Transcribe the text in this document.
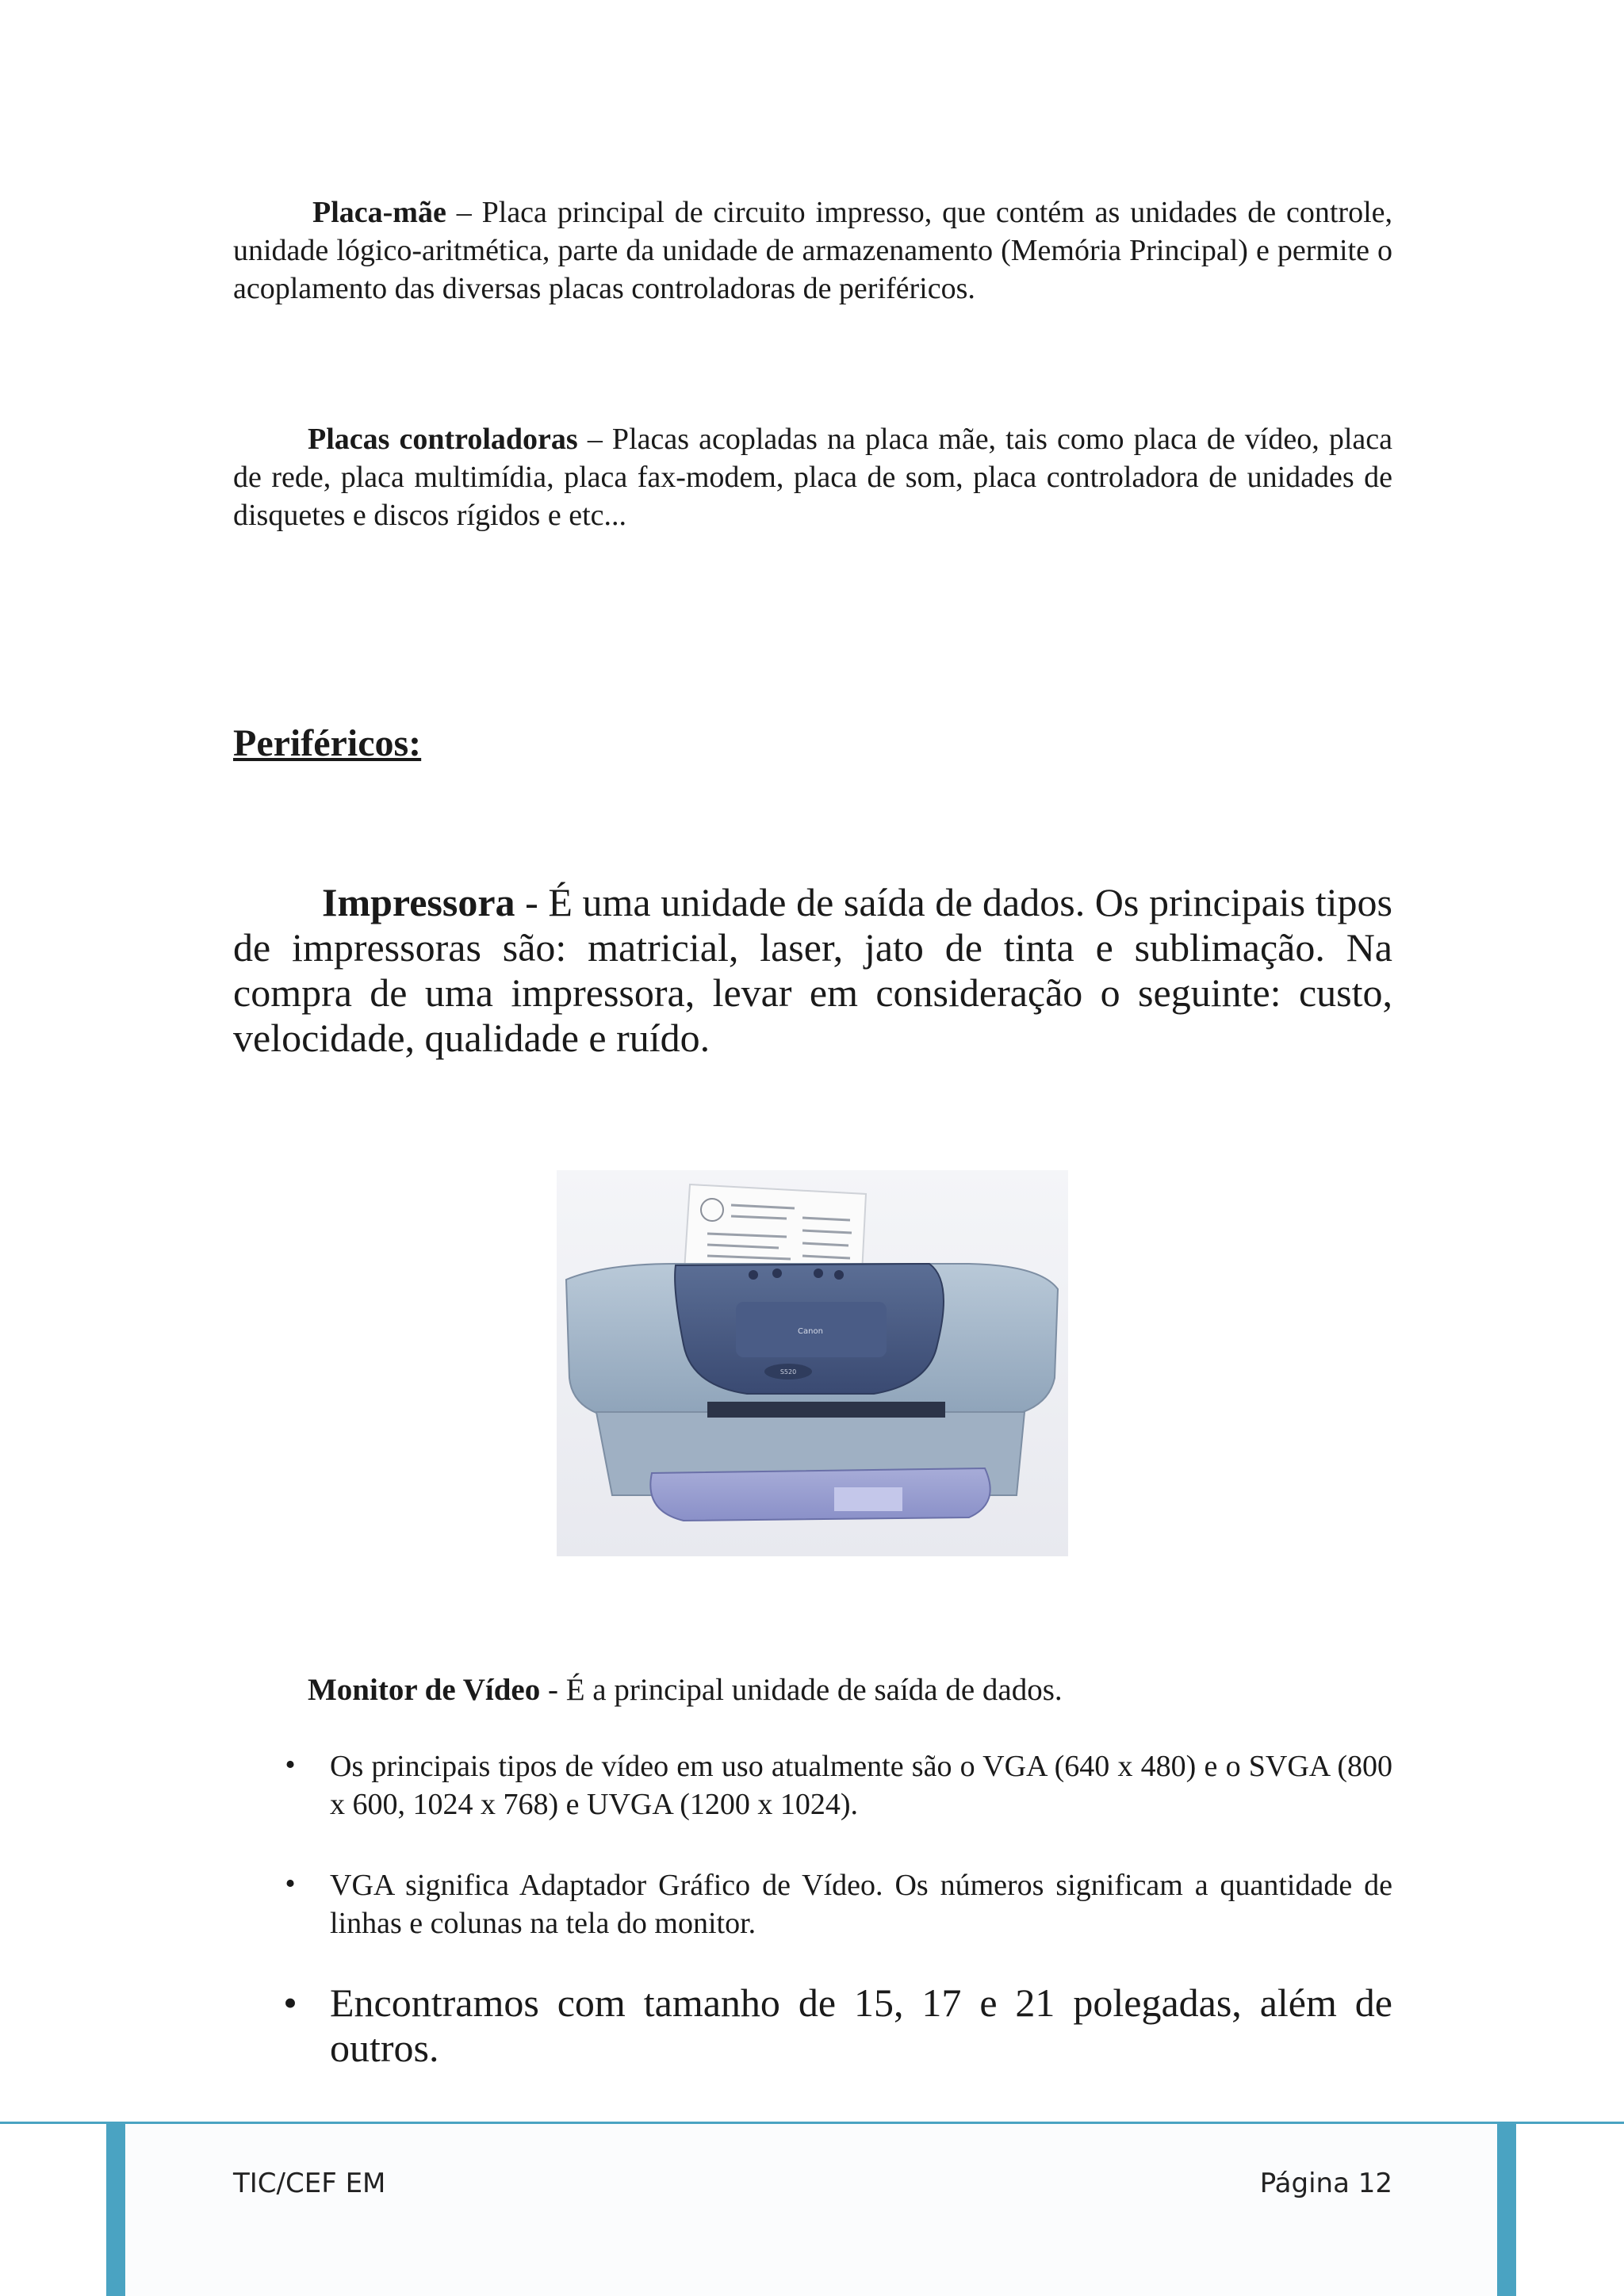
Placa-mãe – Placa principal de circuito impresso, que contém as unidades de controle, unidade lógico-aritmética, parte da unidade de armazenamento (Memória Principal) e permite o acoplamento das diversas placas controladoras de periféricos.

Placas controladoras – Placas acopladas na placa mãe, tais como placa de vídeo, placa de rede, placa multimídia, placa fax-modem, placa de som, placa controladora de unidades de disquetes e discos rígidos e etc...

Periféricos:

Impressora - É uma unidade de saída de dados. Os principais tipos de impressoras são: matricial, laser, jato de tinta e sublimação. Na compra de uma impressora, levar em consideração o seguinte: custo, velocidade, qualidade e ruído.

Canon
S520
Monitor de Vídeo - É a principal unidade de saída de dados.
• Os principais tipos de vídeo em uso atualmente são o VGA (640 x 480) e o SVGA (800 x 600, 1024 x 768) e UVGA (1200 x 1024).

• VGA significa Adaptador Gráfico de Vídeo. Os números significam a quantidade de linhas e colunas na tela do monitor.

• Encontramos com tamanho de 15, 17 e 21 polegadas, além de outros.

TIC/CEF EM	Página 12
